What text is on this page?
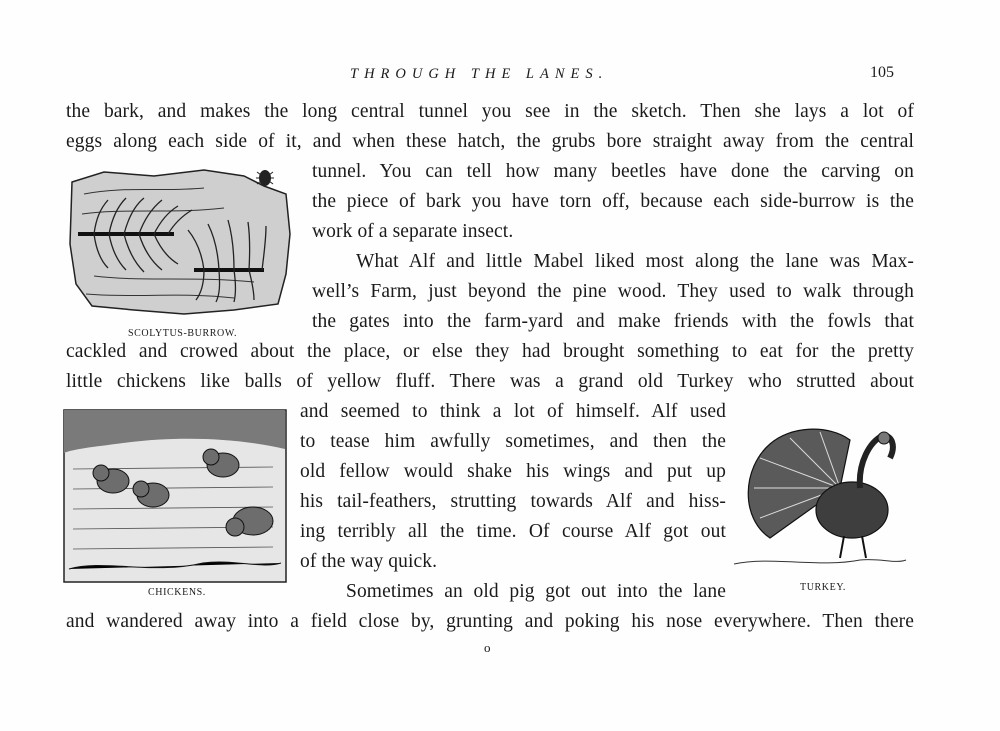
THROUGH THE LANES.	105
the bark, and makes the long central tunnel you see in the sketch. Then she lays a lot of
eggs along each side of it, and when these hatch, the grubs bore straight away from the central
tunnel. You can tell how many beetles have done the carving on
the piece of bark you have torn off, because each side-burrow is the
work of a separate insect.
What Alf and little Mabel liked most along the lane was Max-
well’s Farm, just beyond the pine wood. They used to walk through
the gates into the farm-yard and make friends with the fowls that
cackled and crowed about the place, or else they had brought something to eat for the pretty
little chickens like balls of yellow fluff. There was a grand old Turkey who strutted about
and seemed to think a lot of himself. Alf used
to tease him awfully sometimes, and then the
old fellow would shake his wings and put up
his tail-feathers, strutting towards Alf and hiss-
ing terribly all the time. Of course Alf got out
of the way quick.
Sometimes an old pig got out into the lane
and wandered away into a field close by, grunting and poking his nose everywhere. Then there
SCOLYTUS-BURROW.
CHICKENS.	TURKEY.
o
